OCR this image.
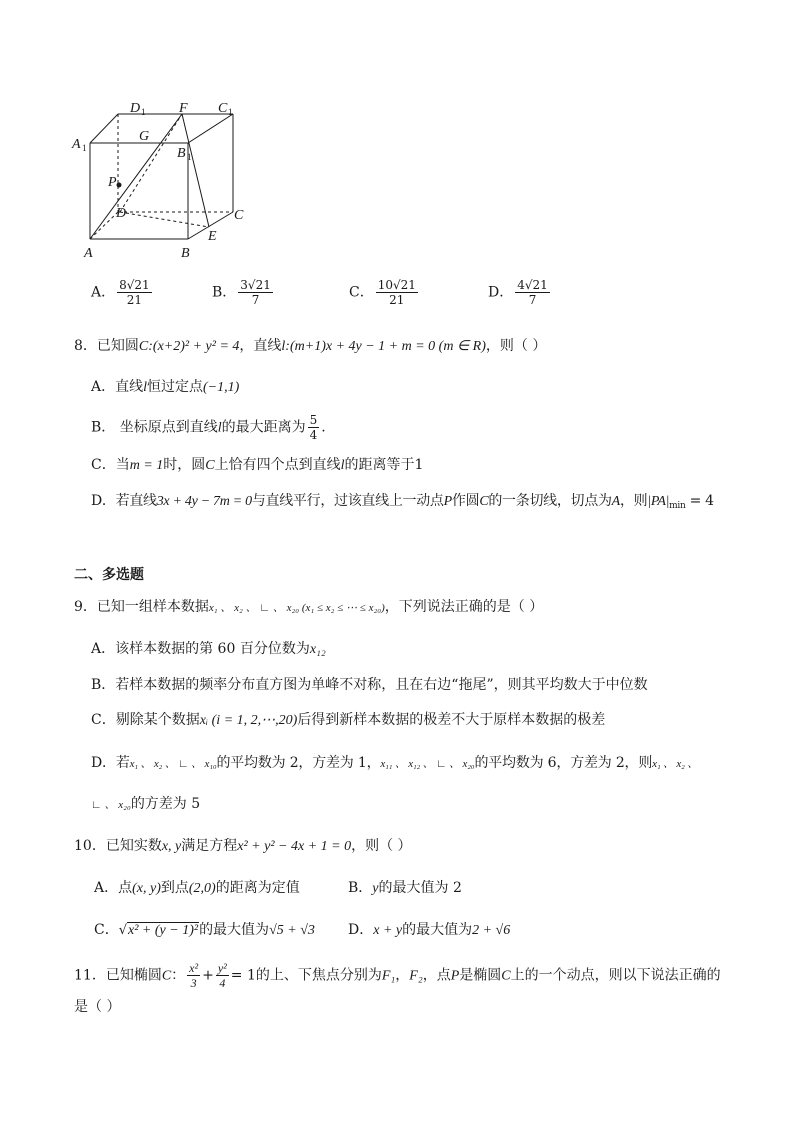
D 1 F C 1
A 1
G
B 1
P
D	C
E
A	B
A． $\frac{8√21}{21}$	B． $\frac{3√21}{7}$	C． $\frac{10√21}{21}$	D． $\frac{4√21}{7}$
8．已知圆C:(x+2)² + y² = 4，直线l:(m+1)x + 4y − 1 + m = 0 (m ∈ R)，则（ ）
A．直线l恒过定点(−1,1)
B． 坐标原点到直线l的最大距离为 $\frac{5}{4}$ .
C．当m = 1时，圆C上恰有四个点到直线l的距离等于1
D．若直线3x + 4y − 7m = 0与直线平行，过该直线上一动点P作圆C的一条切线，切点为A，则$|PA|_{min} = 4$
二、多选题
9．已知一组样本数据x₁ 、 x₂ 、 ∟ 、 x₂₀ (x₁ ≤ x₂ ≤ ⋯ ≤ x₂₀)，下列说法正确的是（ ）
A．该样本数据的第 60 百分位数为x₁₂
B．若样本数据的频率分布直方图为单峰不对称，且在右边“拖尾”，则其平均数大于中位数
C．剔除某个数据xᵢ (i = 1, 2,⋯,20)后得到新样本数据的极差不大于原样本数据的极差
D．若x₁ 、 x₂ 、 ∟ 、 x₁₀的平均数为 2，方差为 1，x₁₁ 、 x₁₂ 、 ∟ 、 x₂₀的平均数为 6，方差为 2，则x₁ 、 x₂ 、
∟ 、 x₂₀的方差为 5
10．已知实数x, y满足方程x² + y² − 4x + 1 = 0，则（ ）
A．点(x, y)到点(2,0)的距离为定值	B．y的最大值为 2
C．√x² + (y − 1)²的最大值为√5 + √3 D．x + y的最大值为2 + √6
11．已知椭圆C： $\frac{\text{x²}}{3} + \frac{\text{y²}}{4} = 1$的上、下焦点分别为F₁，F₂，点P是椭圆C上的一个动点，则以下说法正确的
是（ ）
